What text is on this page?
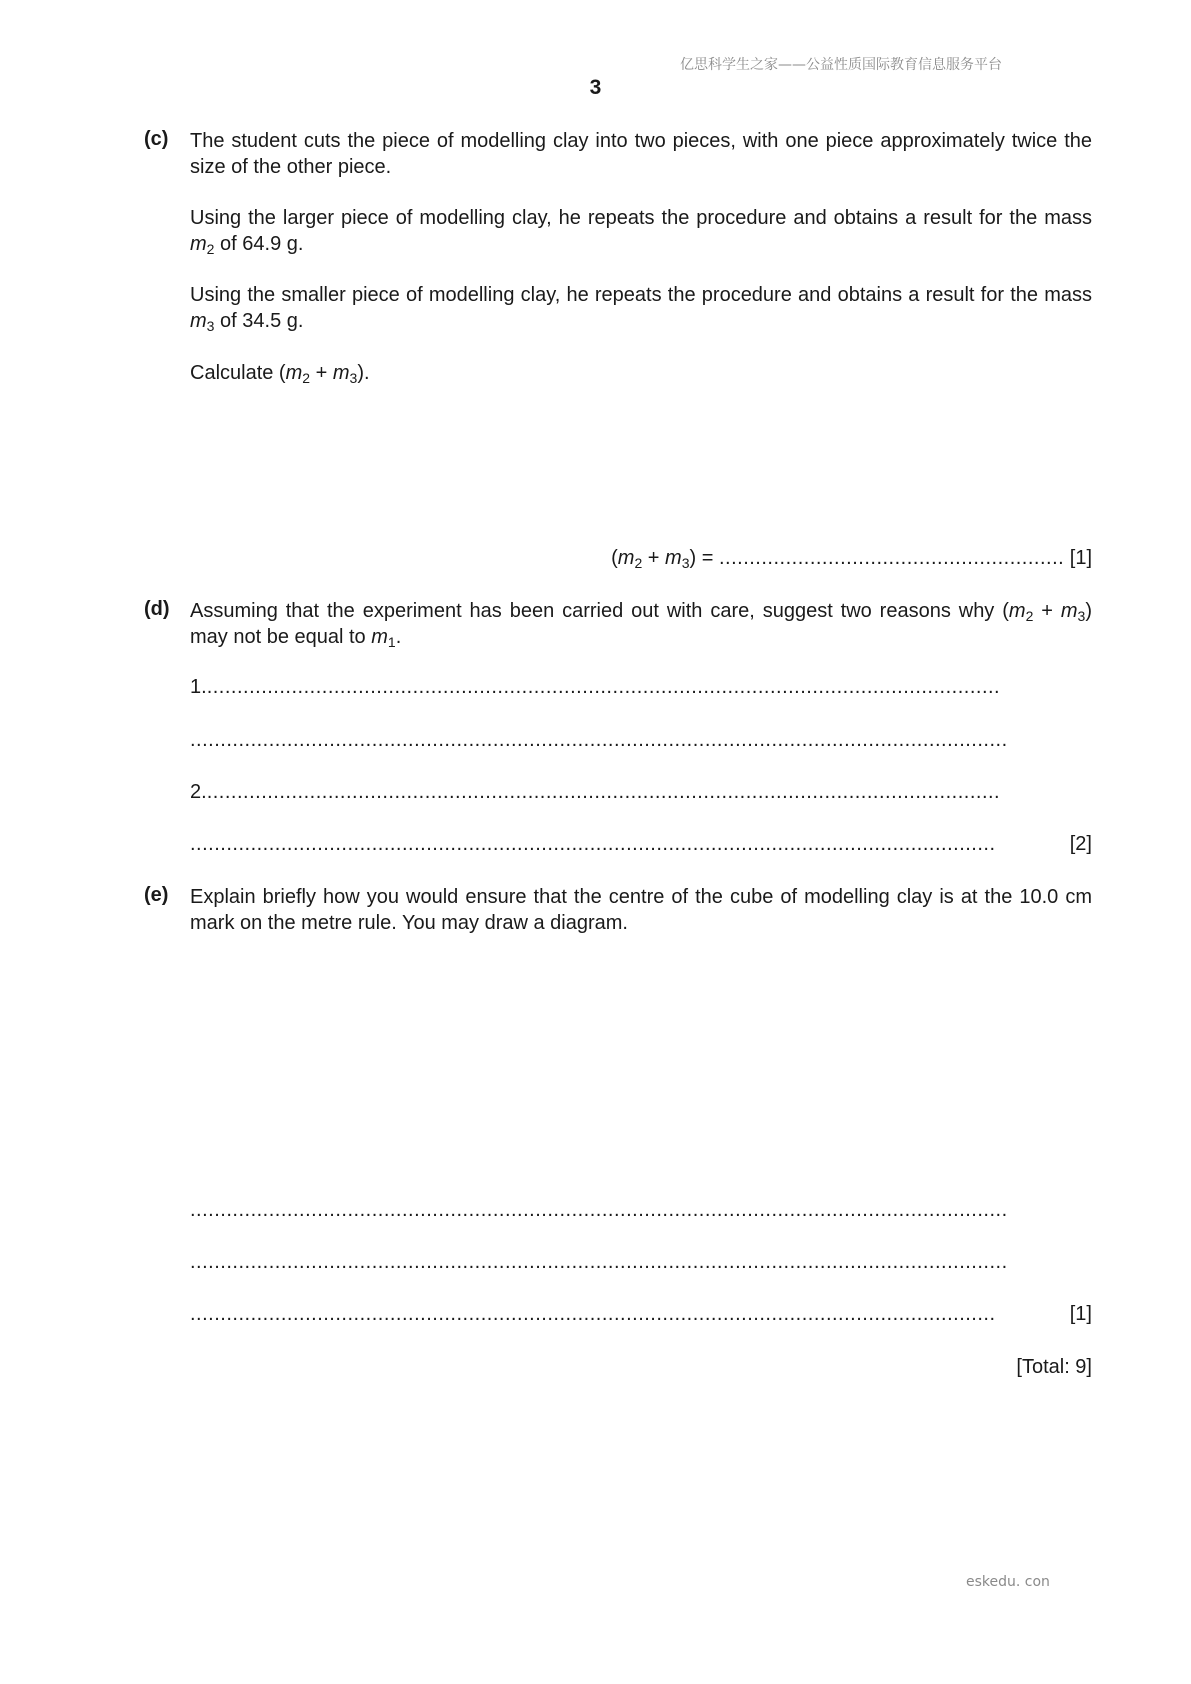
亿思科学生之家——公益性质国际教育信息服务平台
3
(c) The student cuts the piece of modelling clay into two pieces, with one piece approximately twice the size of the other piece.
Using the larger piece of modelling clay, he repeats the procedure and obtains a result for the mass $m_2$ of 64.9 g.
Using the smaller piece of modelling clay, he repeats the procedure and obtains a result for the mass $m_3$ of 34.5 g.
Calculate $(m_2 + m_3)$.
$(m_2 + m_3)$ = ......................................................... [1]
(d) Assuming that the experiment has been carried out with care, suggest two reasons why $(m_2 + m_3)$ may not be equal to $m_1$.
1. ...................................................................................................................................
.......................................................................................................................................
2. ...................................................................................................................................
.....................................................................................................................................	[2]
(e) Explain briefly how you would ensure that the centre of the cube of modelling clay is at the 10.0 cm mark on the metre rule. You may draw a diagram.
.......................................................................................................................................
.......................................................................................................................................
.....................................................................................................................................	[1]
[Total: 9]
eskedu. con
